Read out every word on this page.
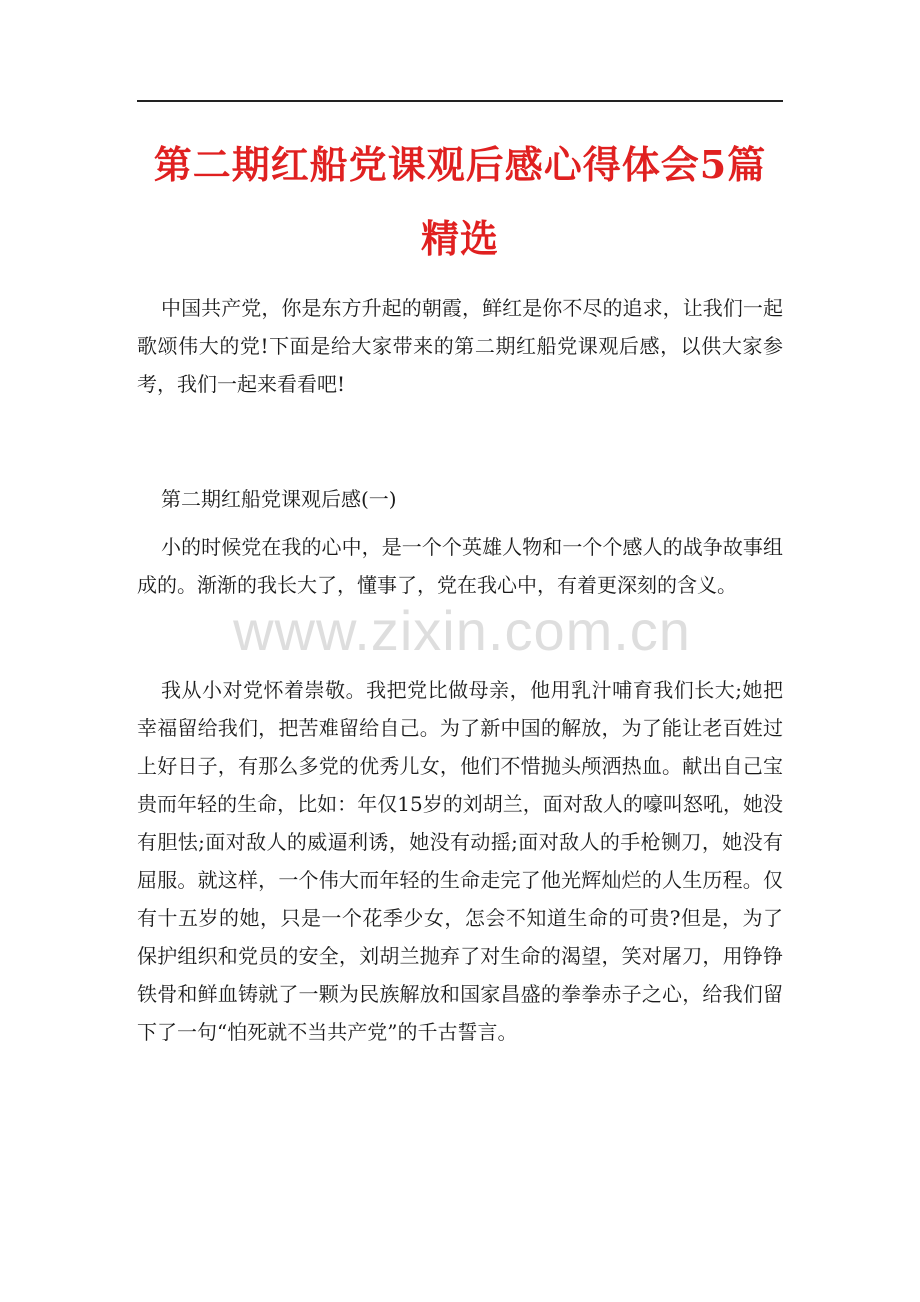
第二期红船党课观后感心得体会5篇精选
中国共产党，你是东方升起的朝霞，鲜红是你不尽的追求，让我们一起歌颂伟大的党!下面是给大家带来的第二期红船党课观后感，以供大家参考，我们一起来看看吧!
第二期红船党课观后感(一)
小的时候党在我的心中，是一个个英雄人物和一个个感人的战争故事组成的。渐渐的我长大了，懂事了，党在我心中，有着更深刻的含义。
我从小对党怀着崇敬。我把党比做母亲，他用乳汁哺育我们长大;她把幸福留给我们，把苦难留给自己。为了新中国的解放，为了能让老百姓过上好日子，有那么多党的优秀儿女，他们不惜抛头颅洒热血。献出自己宝贵而年轻的生命，比如：年仅15岁的刘胡兰，面对敌人的嚎叫怒吼，她没有胆怯;面对敌人的威逼利诱，她没有动摇;面对敌人的手枪铡刀，她没有屈服。就这样，一个伟大而年轻的生命走完了他光辉灿烂的人生历程。仅有十五岁的她，只是一个花季少女，怎会不知道生命的可贵?但是，为了保护组织和党员的安全，刘胡兰抛弃了对生命的渴望，笑对屠刀，用铮铮铁骨和鲜血铸就了一颗为民族解放和国家昌盛的拳拳赤子之心，给我们留下了一句“怕死就不当共产党”的千古誓言。
www.zixin.com.cn
